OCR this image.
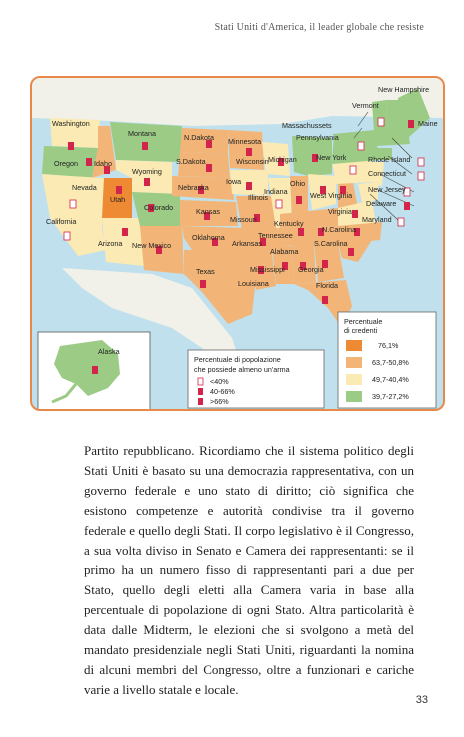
Stati Uniti d'America, il leader globale che resiste
Washington
Montana	N.Dakota Minnesota
Oregon Idaho	S.Dakota	Wisconsin
Wyoming
Michigan	New York
Nebraska
Iowa
Nevada
Utah
Colorado
Illinois
Indiana
Ohio
California
Kansas
Missouri Kentucky
West Virginia
Virginia
Arizona New Mexico
Oklahoma
Arkansas
Tennessee
N.Carolina
S.Carolina
Texas
Alabama
Mississippi Georgia
Louisiana	Florida
New Hampshire
Vermont
Maine
Massachussets
Rhode Island
Connecticut
New Jersey
Delaware
Maryland
Pennsylvania
Alaska
Percentuale di popolazione
che possiede almeno un'arma
<40%
40-66%
>66%
Percentuale
di credenti
76,1%
63,7-50,8%
49,7-40,4%
39,7-27,2%

Partito repubblicano. Ricordiamo che il sistema politico degli Stati Uniti è basato su una democrazia rappresentativa, con un governo federale e uno stato di diritto; ciò significa che esistono competenze e autorità condivise tra il governo federale e quello degli Stati. Il corpo legislativo è il Congresso, a sua volta diviso in Senato e Camera dei rappresentanti: se il primo ha un numero fisso di rappresentanti pari a due per Stato, quello degli eletti alla Camera varia in base alla percentuale di popolazione di ogni Stato. Altra particolarità è data dalle Midterm, le elezioni che si svolgono a metà del mandato presidenziale negli Stati Uniti, riguardanti la nomina di alcuni membri del Congresso, oltre a funzionari e cariche varie a livello statale e locale.

33
